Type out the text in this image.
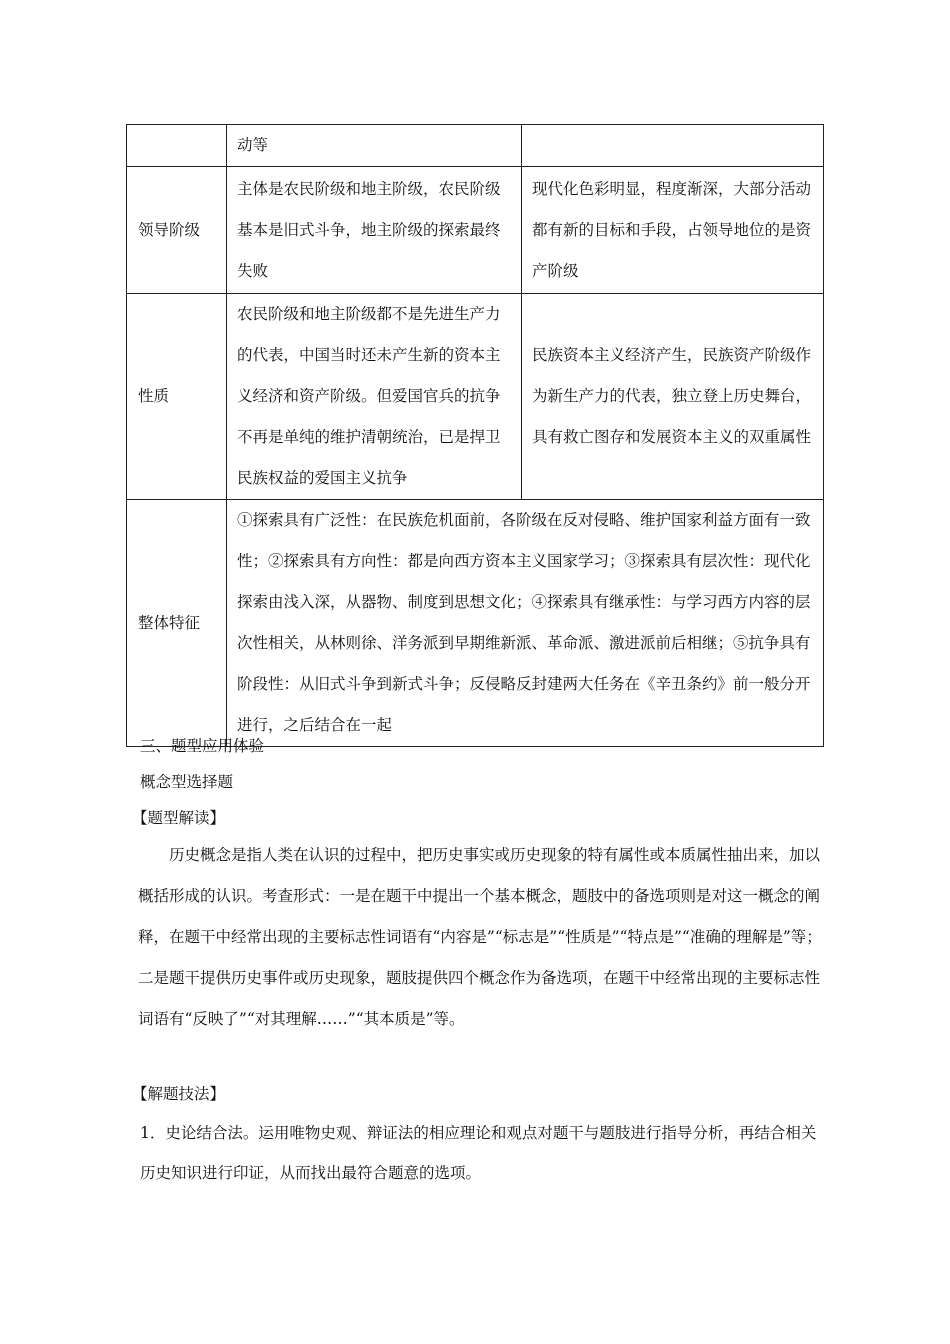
	动等	
领导阶级	主体是农民阶级和地主阶级，农民阶级基本是旧式斗争，地主阶级的探索最终失败	现代化色彩明显，程度渐深，大部分活动都有新的目标和手段，占领导地位的是资产阶级
性质	农民阶级和地主阶级都不是先进生产力的代表，中国当时还未产生新的资本主义经济和资产阶级。但爱国官兵的抗争不再是单纯的维护清朝统治，已是捍卫民族权益的爱国主义抗争	民族资本主义经济产生，民族资产阶级作为新生产力的代表，独立登上历史舞台，具有救亡图存和发展资本主义的双重属性
整体特征	①探索具有广泛性：在民族危机面前，各阶级在反对侵略、维护国家利益方面有一致性；②探索具有方向性：都是向西方资本主义国家学习；③探索具有层次性：现代化探索由浅入深，从器物、制度到思想文化；④探索具有继承性：与学习西方内容的层次性相关，从林则徐、洋务派到早期维新派、革命派、激进派前后相继；⑤抗争具有阶段性：从旧式斗争到新式斗争；反侵略反封建两大任务在《辛丑条约》前一般分开进行，之后结合在一起	
三、题型应用体验
概念型选择题
【题型解读】
历史概念是指人类在认识的过程中，把历史事实或历史现象的特有属性或本质属性抽出来，加以概括形成的认识。考查形式：一是在题干中提出一个基本概念，题肢中的备选项则是对这一概念的阐释，在题干中经常出现的主要标志性词语有“内容是”“标志是”“性质是”“特点是”“准确的理解是”等；二是题干提供历史事件或历史现象，题肢提供四个概念作为备选项，在题干中经常出现的主要标志性词语有“反映了”“对其理解……”“其本质是”等。
【解题技法】
1．史论结合法。运用唯物史观、辩证法的相应理论和观点对题干与题肢进行指导分析，再结合相关历史知识进行印证，从而找出最符合题意的选项。
